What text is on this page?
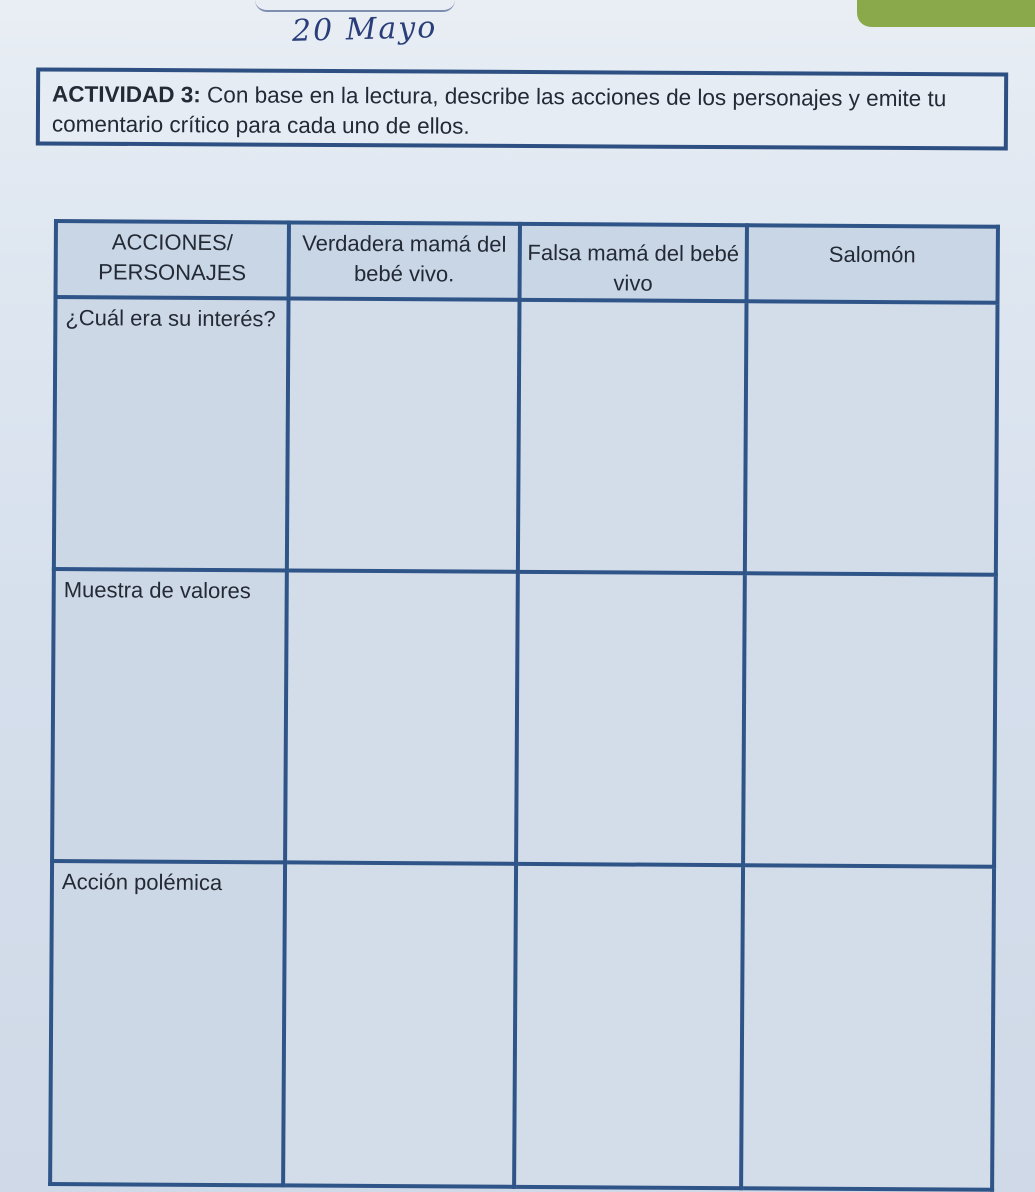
20 Mayo
ACTIVIDAD 3: Con base en la lectura, describe las acciones de los personajes y emite tu comentario crítico para cada uno de ellos.
ACCIONES/ PERSONAJES	Verdadera mamá del bebé vivo.	Falsa mamá del bebé vivo	Salomón
¿Cuál era su interés?			
Muestra de valores			
Acción polémica			
